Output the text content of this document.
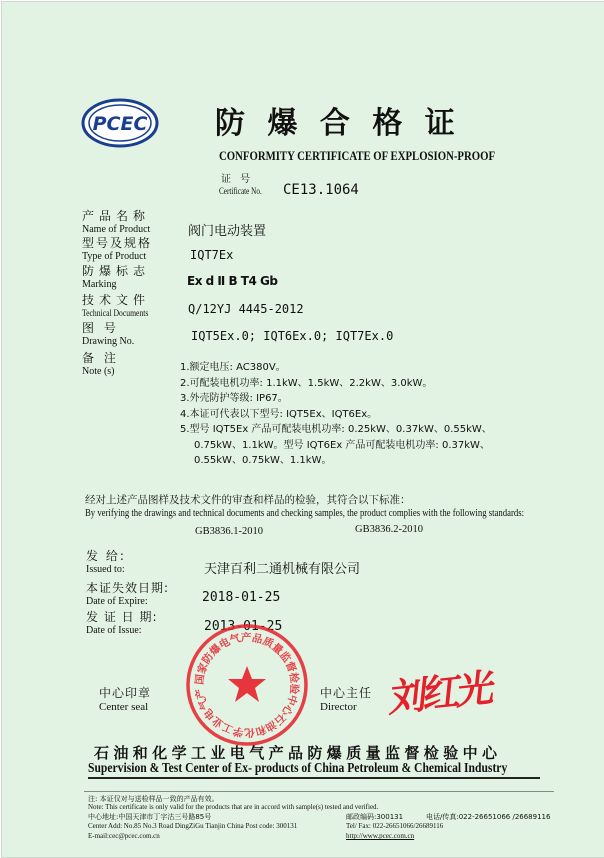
PCEC 防 爆 合 格 证
CONFORMITY CERTIFICATE OF EXPLOSION-PROOF
证 号
Certificate No. CE13.1064
产品名称
Name of Product	阀门电动装置
型号及规格
Type of Product	IQT7Ex
防爆标志
Marking	Ex d Ⅱ B T4 Gb
技术文件
Technical Documents	Q/12YJ 4445-2012
图 号
Drawing No.	IQT5Ex.0; IQT6Ex.0; IQT7Ex.0
备 注
Note (s)	1.额定电压: AC380V。
2.可配装电机功率: 1.1kW、1.5kW、2.2kW、3.0kW。
3.外壳防护等级: IP67。
4.本证可代表以下型号: IQT5Ex、IQT6Ex。
5.型号 IQT5Ex 产品可配装电机功率: 0.25kW、0.37kW、0.55kW、
0.75kW、1.1kW。型号 IQT6Ex 产品可配装电机功率: 0.37kW、
0.55kW、0.75kW、1.1kW。
经对上述产品图样及技术文件的审查和样品的检验，其符合以下标准：
By verifying the drawings and technical documents and checking samples, the product complies with the following standards:
GB3836.1-2010	GB3836.2-2010
发 给:
Issued to:	天津百利二通机械有限公司
本证失效日期:
Date of Expire:	2018-01-25
发 证 日 期:
Date of Issue:	2013-01-25
中心印章
Center seal
国家防爆电气产品质量监督检验中心石油和化学工业电气产	中心主任
Director 刘红光
石油和化学工业电气产品防爆质量监督检验中心
Supervision & Test Center of Ex- products of China Petroleum & Chemical Industry
注: 本证仅对与送检样品一致的产品有效。
Note: This certificate is only valid for the products that are in accord with sample(s) tested and verified.
中心地址:中国天津市丁字沽三号路85号	邮政编码:300131	电话/传真:022-26651066 /26689116
Center Add: No.85 No.3 Road DingZiGu Tianjin China Post code: 300131	Tel/ Fax: 022-26651066/26689116
E-mail:cec@pcec.com.cn	http://www.pcec.com.cn
